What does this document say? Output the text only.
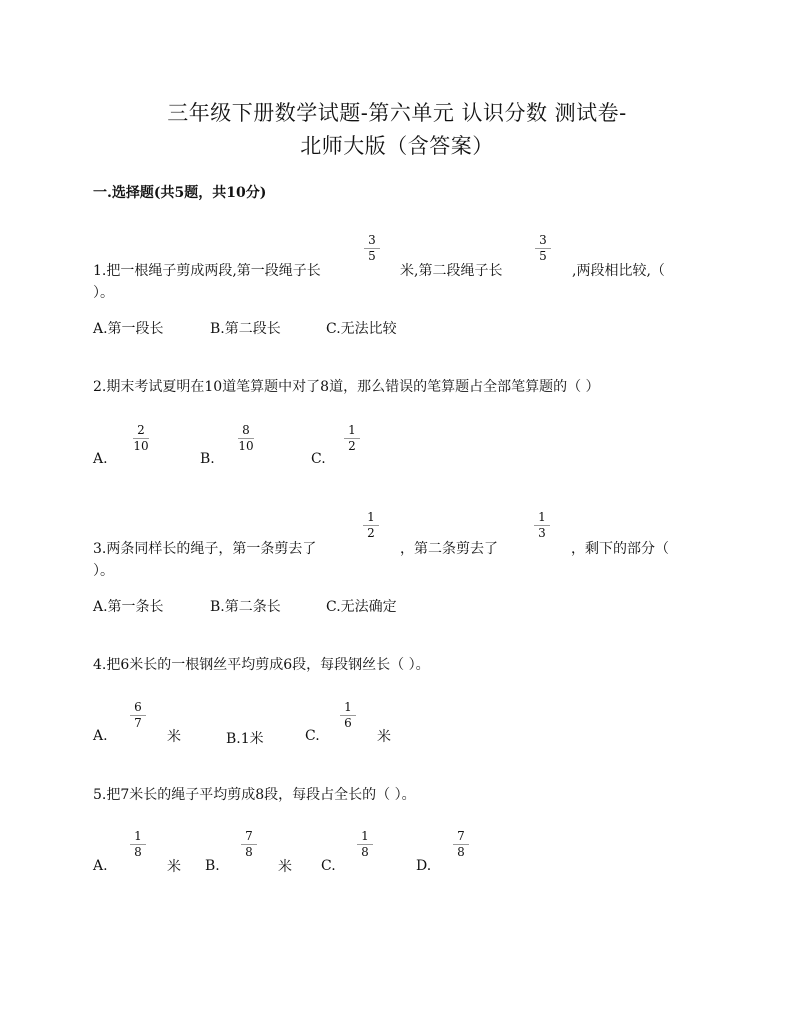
三年级下册数学试题-第六单元 认识分数 测试卷-
北师大版（含答案）
一.选择题(共5题，共10分)
1.把一根绳子剪成两段,第一段绳子长
3
5
米,第二段绳子长
3
5
,两段相比较,（
）。
A.第一段长	B.第二段长	C.无法比较
2.期末考试夏明在10道笔算题中对了8道，那么错误的笔算题占全部笔算题的（ ）
A.
2
10
B.
8
10
C.
1
2
3.两条同样长的绳子，第一条剪去了
1
2
，第二条剪去了
1
3
，剩下的部分（
）。
A.第一条长	B.第二条长	C.无法确定
4.把6米长的一根钢丝平均剪成6段，每段钢丝长（ ）。
A.
6
7
米	B.1米	C.
1
6
米
5.把7米长的绳子平均剪成8段，每段占全长的（ ）。
A.
1
8
米 B.
7
8
米 C.
1
8
D.
7
8
